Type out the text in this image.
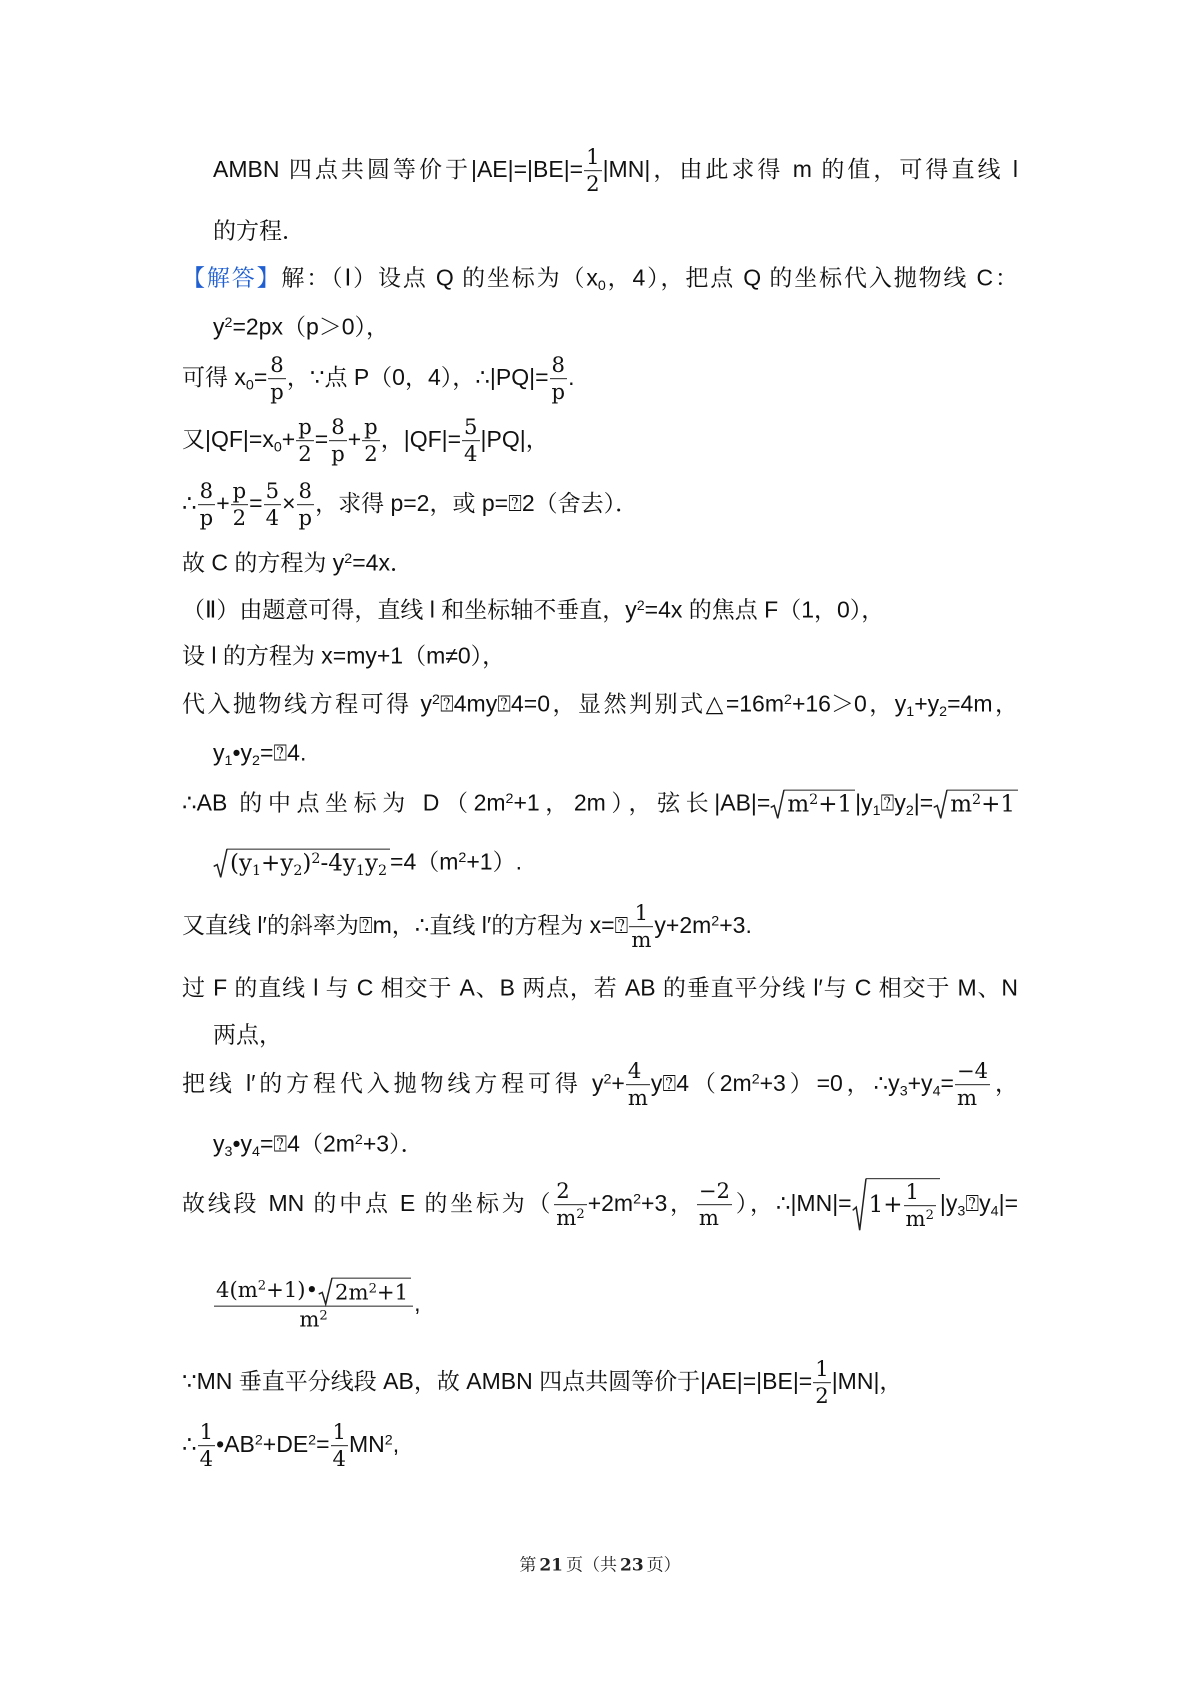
AMBN 四点共圆等价于$|AE|=|BE|= \frac{1}{2} |MN|$，由此求得 m 的值，可得直线 l
的方程．
【解答】解：（Ⅰ）设点 Q 的坐标为（$x_0$，4），把点 Q 的坐标代入抛物线 C：
$y^2=2px(p>0)$，
可得 $x_0= \frac{8}{p}$ ，∵点 P（0，4），∴|PQ|= $\frac{8}{p}$ .
又$|QF|=x_0+ \frac{p}{2} = \frac{8}{p} + \frac{p}{2}$ ，$|QF|= \frac{5}{4} |PQ|$，
∴ $\frac{8}{p} + \frac{p}{2} = \frac{5}{4} \times \frac{8}{p}$ ，求得 p=2，或 p=⍰2（舍去）．
故 C 的方程为 $y^2=4x$．
（Ⅱ）由题意可得，直线 l 和坐标轴不垂直，$y^2=4x$ 的焦点 F（1，0），
设 l 的方程为 x=my+1（m≠0），
代入抛物线方程可得 $y^2⍰4my⍰4=0$，显然判别式$\triangle=16m^2+16>0$，$y_1+y_2=4m$，
$y_1•y_2=⍰4$.
∴AB 的中点坐标为 $D(2m^2+1$，2m），弦长$|AB|= m^2+1$ $|y_1⍰y_2|= m^2+1$
$(y_1+y_2)^2-4y_1y_2 =4(m^2+1)$.
又直线 l′的斜率为⍰m，∴直线 l′的方程为 x=⍰ $\frac{1}{m} y+2m^2+3$.
过 F 的直线 l 与 C 相交于 A、B 两点，若 AB 的垂直平分线 l′与 C 相交于 M、N
两点，
把线 l′的方程代入抛物线方程可得 $y^2+ \frac{4}{m}$ $y⍰4(2m^2+3)=0$，$\therefore y_3+y_4= \frac{-4}{m}$ ，
$y_3•y_4=⍰4(2m^2+3)$．
故线段 MN 的中点 E 的坐标为（ $\frac{2}{m^2} +2m^2+3$， $\frac{-2}{m}$ ），∴|MN|= $1+ \frac{1}{m^2}$ $|y_3⍰y_4|=$
$\frac{4(m^2+1)• 2m^2+1}{m^2}$ ,
∵MN 垂直平分线段 AB，故 AMBN 四点共圆等价于$|AE|=|BE|= \frac{1}{2} |MN|$，
∴ $\frac{1}{4}$ $•AB^2+DE^2= \frac{1}{4} MN^2$,
第 21 页（共 23 页）
